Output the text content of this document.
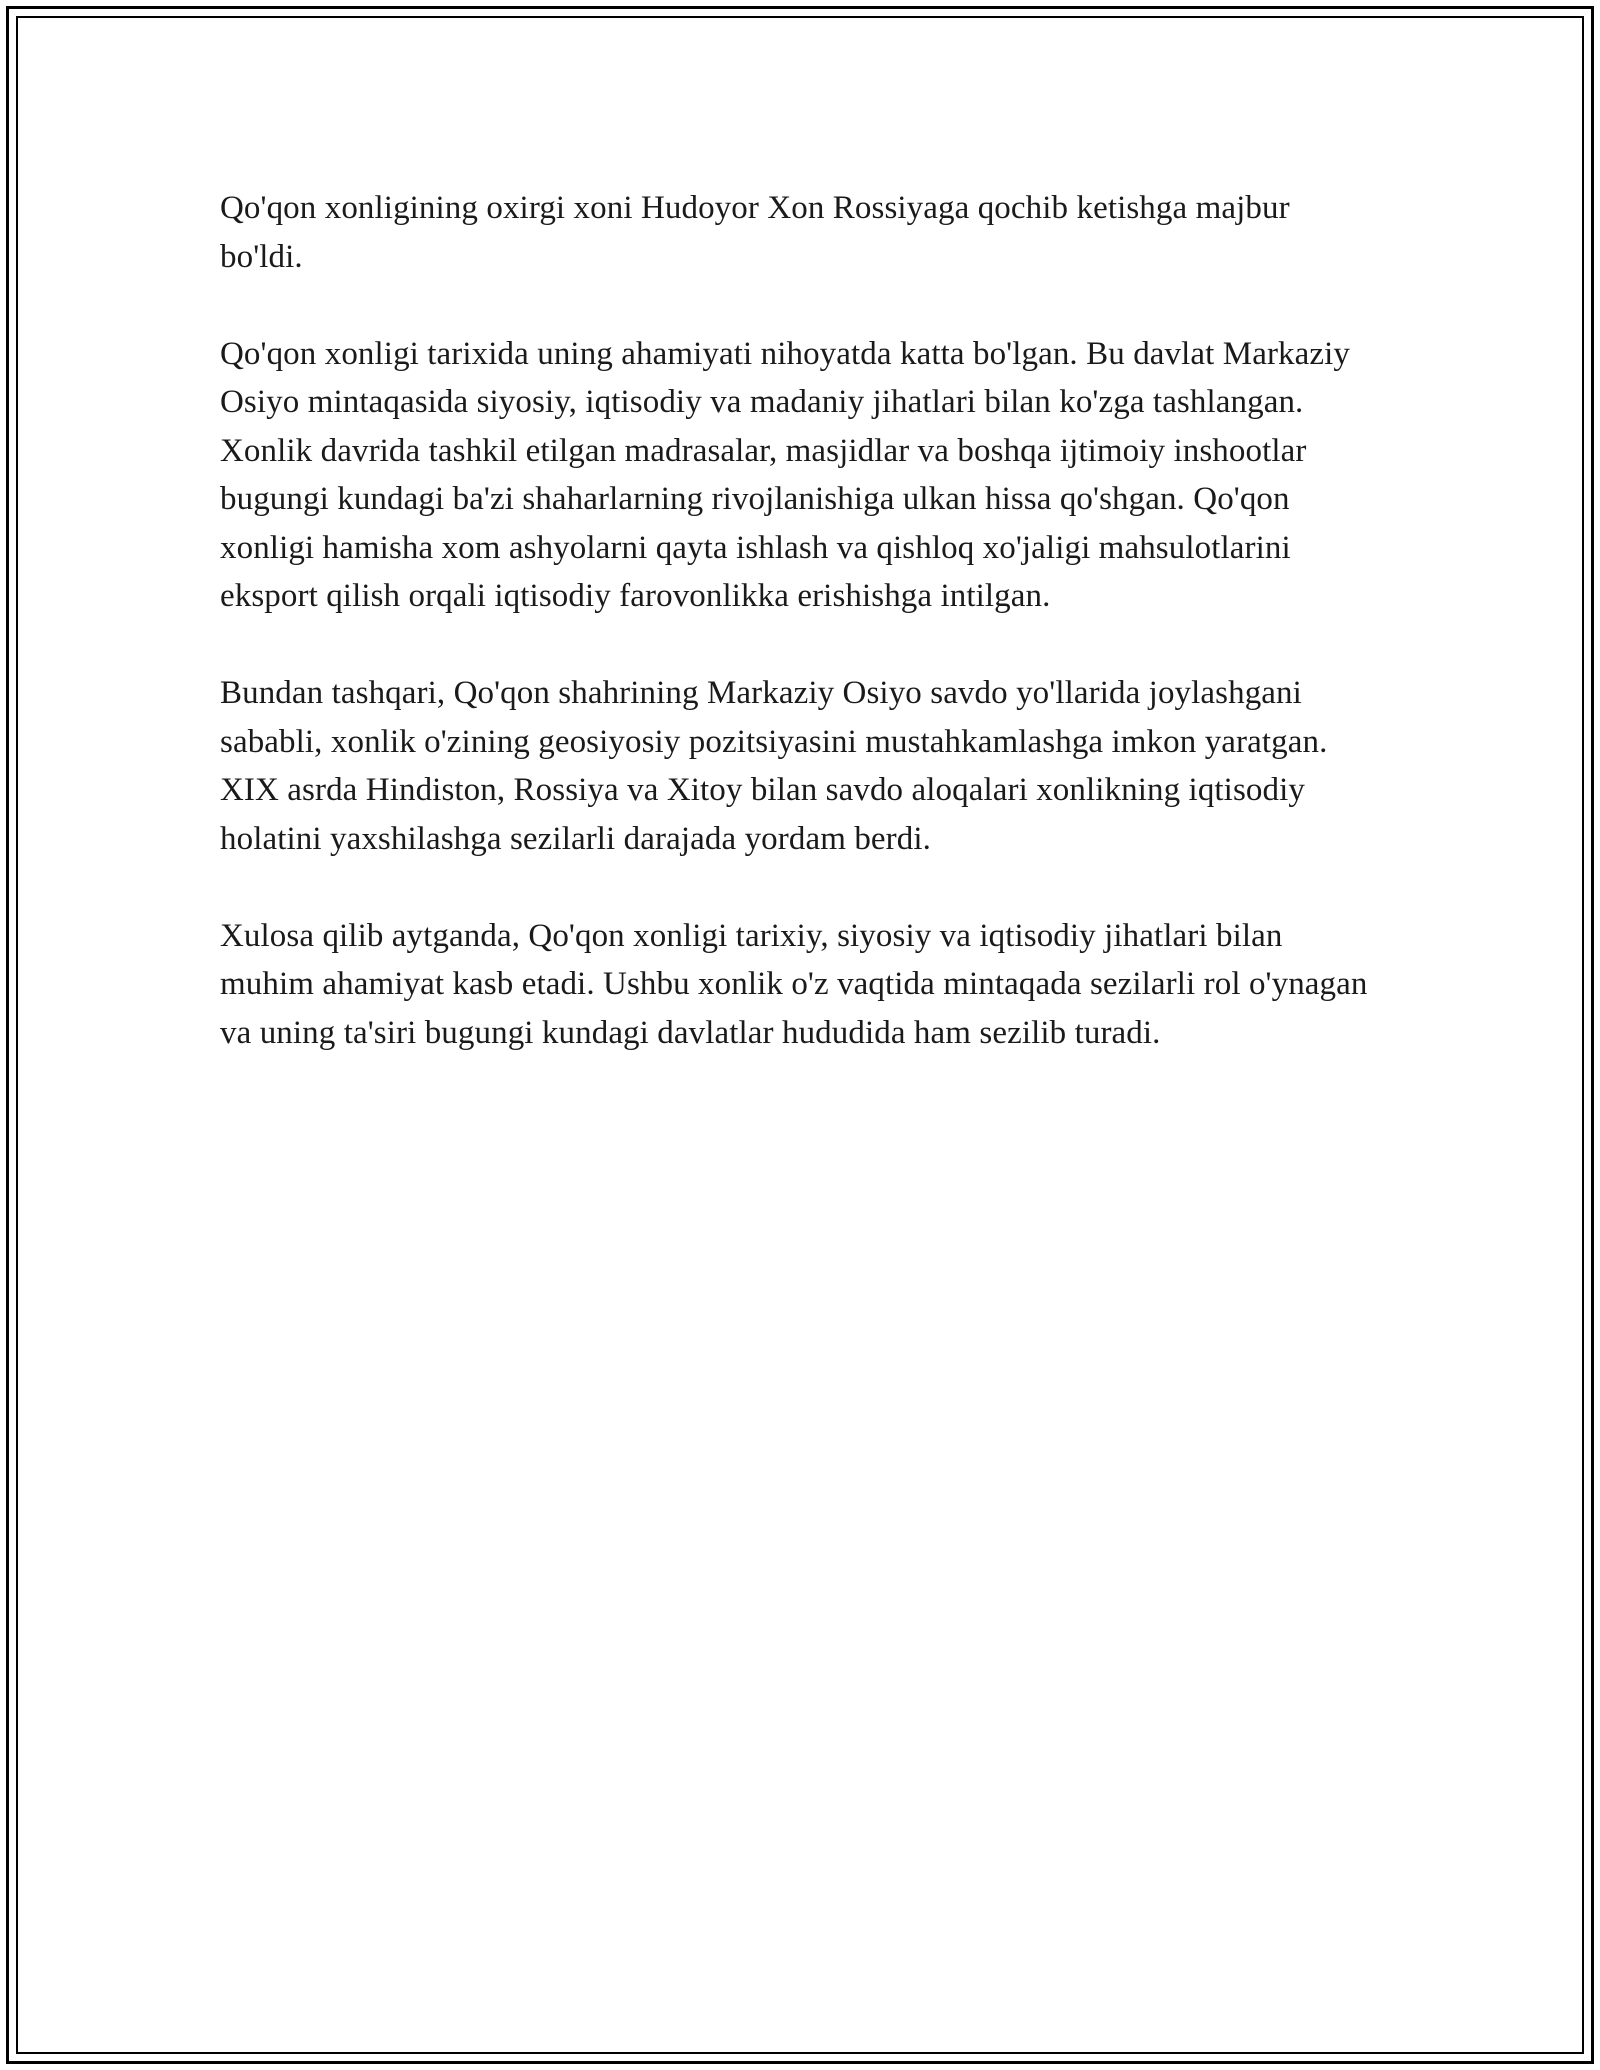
Qo'qon xonligining oxirgi xoni Hudoyor Xon Rossiyaga qochib ketishga majbur bo'ldi.

Qo'qon xonligi tarixida uning ahamiyati nihoyatda katta bo'lgan. Bu davlat Markaziy Osiyo mintaqasida siyosiy, iqtisodiy va madaniy jihatlari bilan ko'zga tashlangan. Xonlik davrida tashkil etilgan madrasalar, masjidlar va boshqa ijtimoiy inshootlar bugungi kundagi ba'zi shaharlarning rivojlanishiga ulkan hissa qo'shgan. Qo'qon xonligi hamisha xom ashyolarni qayta ishlash va qishloq xo'jaligi mahsulotlarini eksport qilish orqali iqtisodiy farovonlikka erishishga intilgan.

Bundan tashqari, Qo'qon shahrining Markaziy Osiyo savdo yo'llarida joylashgani sababli, xonlik o'zining geosiyosiy pozitsiyasini mustahkamlashga imkon yaratgan. XIX asrda Hindiston, Rossiya va Xitoy bilan savdo aloqalari xonlikning iqtisodiy holatini yaxshilashga sezilarli darajada yordam berdi.

Xulosa qilib aytganda, Qo'qon xonligi tarixiy, siyosiy va iqtisodiy jihatlari bilan muhim ahamiyat kasb etadi. Ushbu xonlik o'z vaqtida mintaqada sezilarli rol o'ynagan va uning ta'siri bugungi kundagi davlatlar hududida ham sezilib turadi.
